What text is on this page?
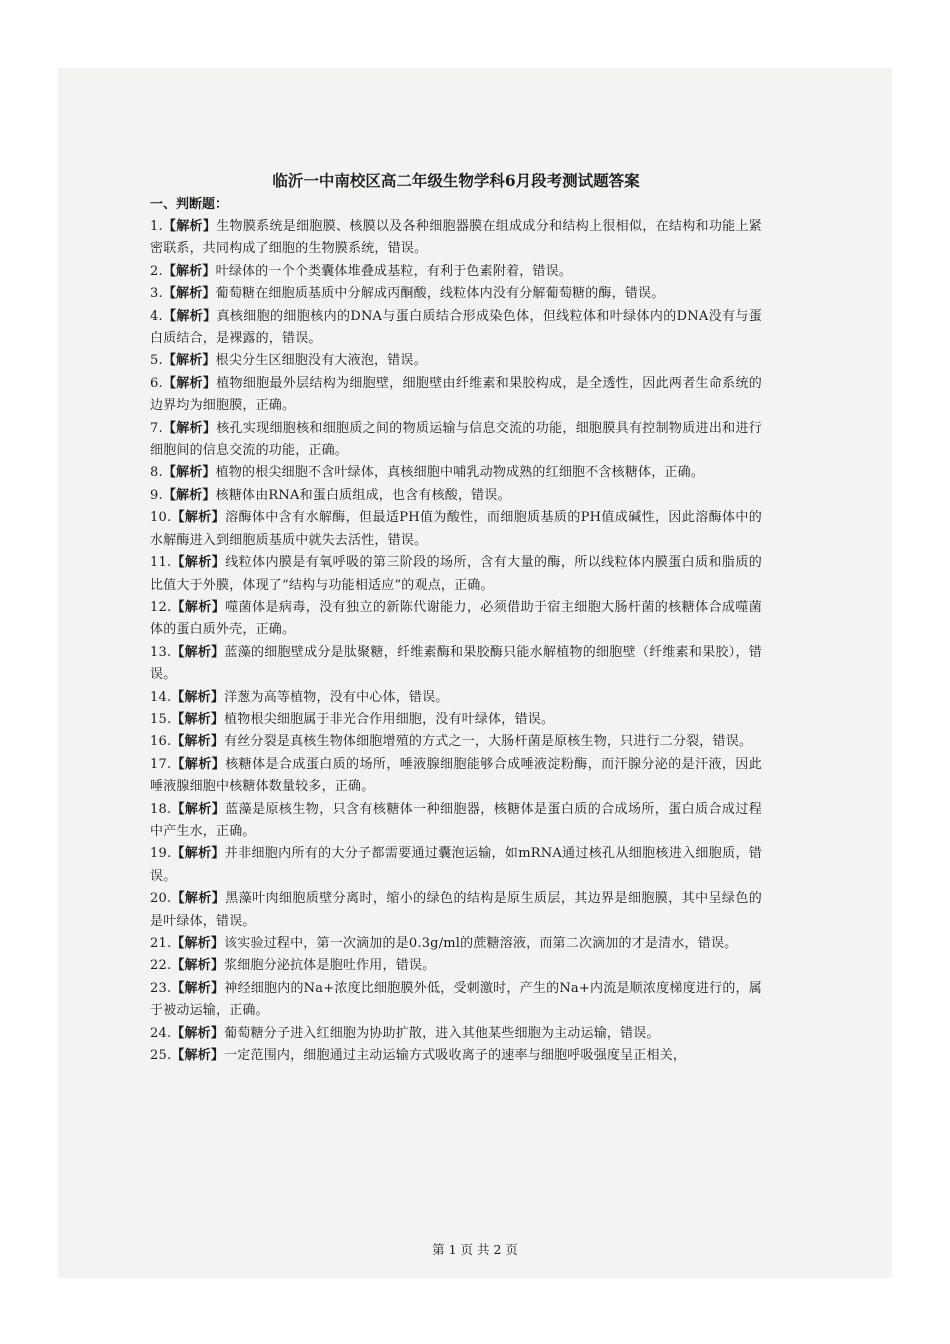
临沂一中南校区高二年级生物学科6月段考测试题答案

一、判断题：

1.【解析】生物膜系统是细胞膜、核膜以及各种细胞器膜在组成成分和结构上很相似，在结构和功能上紧密联系，共同构成了细胞的生物膜系统，错误。

2.【解析】叶绿体的一个个类囊体堆叠成基粒，有利于色素附着，错误。

3.【解析】葡萄糖在细胞质基质中分解成丙酮酸，线粒体内没有分解葡萄糖的酶，错误。

4.【解析】真核细胞的细胞核内的DNA与蛋白质结合形成染色体，但线粒体和叶绿体内的DNA没有与蛋白质结合，是裸露的，错误。

5.【解析】根尖分生区细胞没有大液泡，错误。

6.【解析】植物细胞最外层结构为细胞壁，细胞壁由纤维素和果胶构成，是全透性，因此两者生命系统的边界均为细胞膜，正确。

7.【解析】核孔实现细胞核和细胞质之间的物质运输与信息交流的功能，细胞膜具有控制物质进出和进行细胞间的信息交流的功能，正确。

8.【解析】植物的根尖细胞不含叶绿体，真核细胞中哺乳动物成熟的红细胞不含核糖体，正确。

9.【解析】核糖体由RNA和蛋白质组成，也含有核酸，错误。

10.【解析】溶酶体中含有水解酶，但最适PH值为酸性，而细胞质基质的PH值成碱性，因此溶酶体中的水解酶进入到细胞质基质中就失去活性，错误。

11.【解析】线粒体内膜是有氧呼吸的第三阶段的场所，含有大量的酶，所以线粒体内膜蛋白质和脂质的比值大于外膜，体现了“结构与功能相适应”的观点，正确。

12.【解析】噬菌体是病毒，没有独立的新陈代谢能力，必须借助于宿主细胞大肠杆菌的核糖体合成噬菌体的蛋白质外壳，正确。

13.【解析】蓝藻的细胞壁成分是肽聚糖，纤维素酶和果胶酶只能水解植物的细胞壁（纤维素和果胶），错误。

14.【解析】洋葱为高等植物，没有中心体，错误。

15.【解析】植物根尖细胞属于非光合作用细胞，没有叶绿体，错误。

16.【解析】有丝分裂是真核生物体细胞增殖的方式之一，大肠杆菌是原核生物，只进行二分裂，错误。

17.【解析】核糖体是合成蛋白质的场所，唾液腺细胞能够合成唾液淀粉酶，而汗腺分泌的是汗液，因此唾液腺细胞中核糖体数量较多，正确。

18.【解析】蓝藻是原核生物，只含有核糖体一种细胞器，核糖体是蛋白质的合成场所，蛋白质合成过程中产生水，正确。

19.【解析】并非细胞内所有的大分子都需要通过囊泡运输，如mRNA通过核孔从细胞核进入细胞质，错误。

20.【解析】黑藻叶肉细胞质壁分离时，缩小的绿色的结构是原生质层，其边界是细胞膜，其中呈绿色的是叶绿体，错误。

21.【解析】该实验过程中，第一次滴加的是0.3g/ml的蔗糖溶液，而第二次滴加的才是清水，错误。

22.【解析】浆细胞分泌抗体是胞吐作用，错误。

23.【解析】神经细胞内的Na+浓度比细胞膜外低，受刺激时，产生的Na+内流是顺浓度梯度进行的，属于被动运输，正确。

24.【解析】葡萄糖分子进入红细胞为协助扩散，进入其他某些细胞为主动运输，错误。

25.【解析】一定范围内，细胞通过主动运输方式吸收离子的速率与细胞呼吸强度呈正相关，

第 1 页 共 2 页
